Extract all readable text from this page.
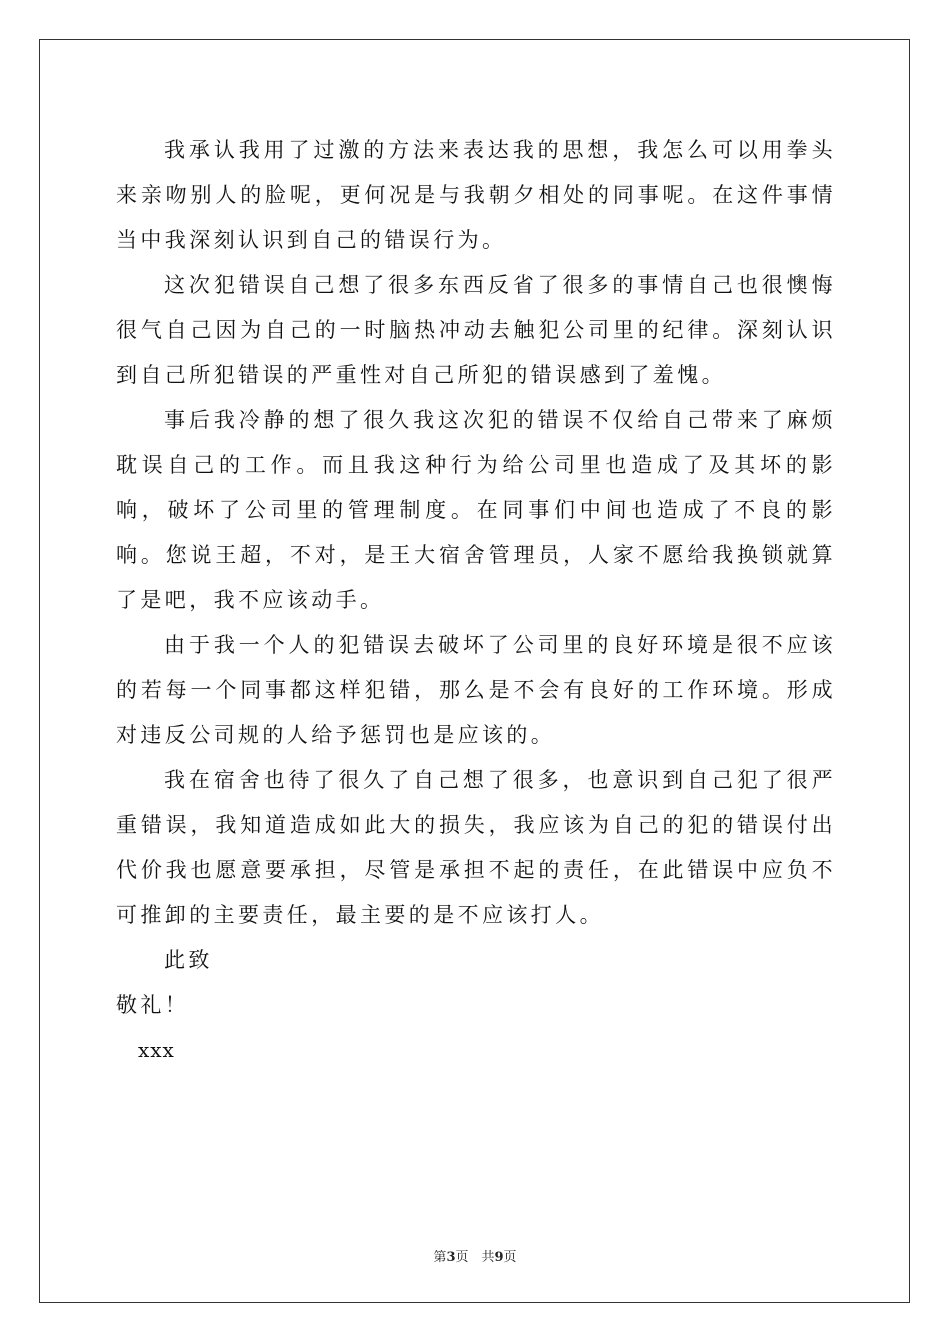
我承认我用了过激的方法来表达我的思想，我怎么可以用拳头来亲吻别人的脸呢，更何况是与我朝夕相处的同事呢。在这件事情当中我深刻认识到自己的错误行为。

这次犯错误自己想了很多东西反省了很多的事情自己也很懊悔很气自己因为自己的一时脑热冲动去触犯公司里的纪律。深刻认识到自己所犯错误的严重性对自己所犯的错误感到了羞愧。

事后我冷静的想了很久我这次犯的错误不仅给自己带来了麻烦耽误自己的工作。而且我这种行为给公司里也造成了及其坏的影响，破坏了公司里的管理制度。在同事们中间也造成了不良的影响。您说王超，不对，是王大宿舍管理员，人家不愿给我换锁就算了是吧，我不应该动手。

由于我一个人的犯错误去破坏了公司里的良好环境是很不应该的若每一个同事都这样犯错，那么是不会有良好的工作环境。形成对违反公司规的人给予惩罚也是应该的。

我在宿舍也待了很久了自己想了很多，也意识到自己犯了很严重错误，我知道造成如此大的损失，我应该为自己的犯的错误付出代价我也愿意要承担，尽管是承担不起的责任，在此错误中应负不可推卸的主要责任，最主要的是不应该打人。

此致

敬礼！

xxx

第3页　共9页
